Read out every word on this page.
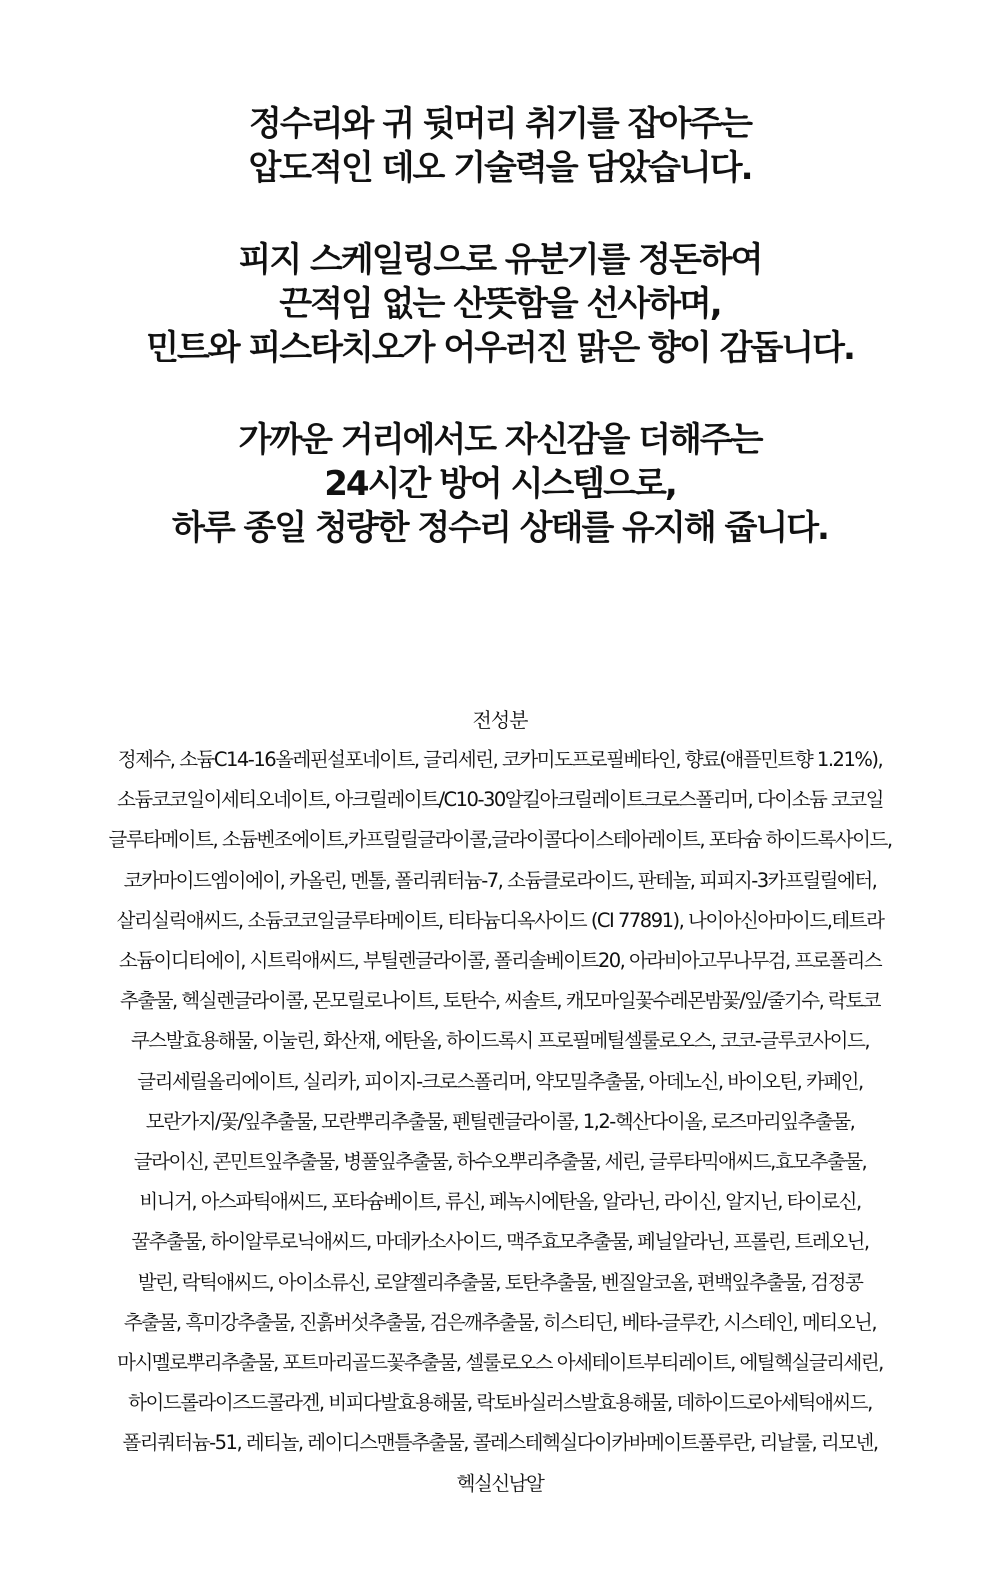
정수리와 귀 뒷머리 취기를 잡아주는
압도적인 데오 기술력을 담았습니다.

피지 스케일링으로 유분기를 정돈하여
끈적임 없는 산뜻함을 선사하며,
민트와 피스타치오가 어우러진 맑은 향이 감돕니다.

가까운 거리에서도 자신감을 더해주는
24시간 방어 시스템으로,
하루 종일 청량한 정수리 상태를 유지해 줍니다.

전성분
정제수, 소듐C14-16올레핀설포네이트, 글리세린, 코카미도프로필베타인, 향료(애플민트향 1.21%),
소듐코코일이세티오네이트, 아크릴레이트/C10-30알킬아크릴레이트크로스폴리머, 다이소듐 코코일
글루타메이트, 소듐벤조에이트,카프릴릴글라이콜,글라이콜다이스테아레이트, 포타슘 하이드록사이드,
코카마이드엠이에이, 카올린, 멘톨, 폴리쿼터늄-7, 소듐클로라이드, 판테놀, 피피지-3카프릴릴에터,
살리실릭애씨드, 소듐코코일글루타메이트, 티타늄디옥사이드 (CI 77891), 나이아신아마이드,테트라
소듐이디티에이, 시트릭애씨드, 부틸렌글라이콜, 폴리솔베이트20, 아라비아고무나무검, 프로폴리스
추출물, 헥실렌글라이콜, 몬모릴로나이트, 토탄수, 씨솔트, 캐모마일꽃수레몬밤꽃/잎/줄기수, 락토코
쿠스발효용해물, 이눌린, 화산재, 에탄올, 하이드록시 프로필메틸셀룰로오스, 코코-글루코사이드,
글리세릴올리에이트, 실리카, 피이지-크로스폴리머, 약모밀추출물, 아데노신, 바이오틴, 카페인,
모란가지/꽃/잎추출물, 모란뿌리추출물, 펜틸렌글라이콜, 1,2-헥산다이올, 로즈마리잎추출물,
글라이신, 콘민트잎추출물, 병풀잎추출물, 하수오뿌리추출물, 세린, 글루타믹애씨드,효모추출물,
비니거, 아스파틱애씨드, 포타슘베이트, 류신, 페녹시에탄올, 알라닌, 라이신, 알지닌, 타이로신,
꿀추출물, 하이알루로닉애씨드, 마데카소사이드, 맥주효모추출물, 페닐알라닌, 프롤린, 트레오닌,
발린, 락틱애씨드, 아이소류신, 로얄젤리추출물, 토탄추출물, 벤질알코올, 편백잎추출물, 검정콩
추출물, 흑미강추출물, 진흙버섯추출물, 검은깨추출물, 히스티딘, 베타-글루칸, 시스테인, 메티오닌,
마시멜로뿌리추출물, 포트마리골드꽃추출물, 셀룰로오스 아세테이트부티레이트, 에틸헥실글리세린,
하이드롤라이즈드콜라겐, 비피다발효용해물, 락토바실러스발효용해물, 데하이드로아세틱애씨드,
폴리쿼터늄-51, 레티놀, 레이디스맨틀추출물, 콜레스테헥실다이카바메이트풀루란, 리날룰, 리모넨,
헥실신남알
